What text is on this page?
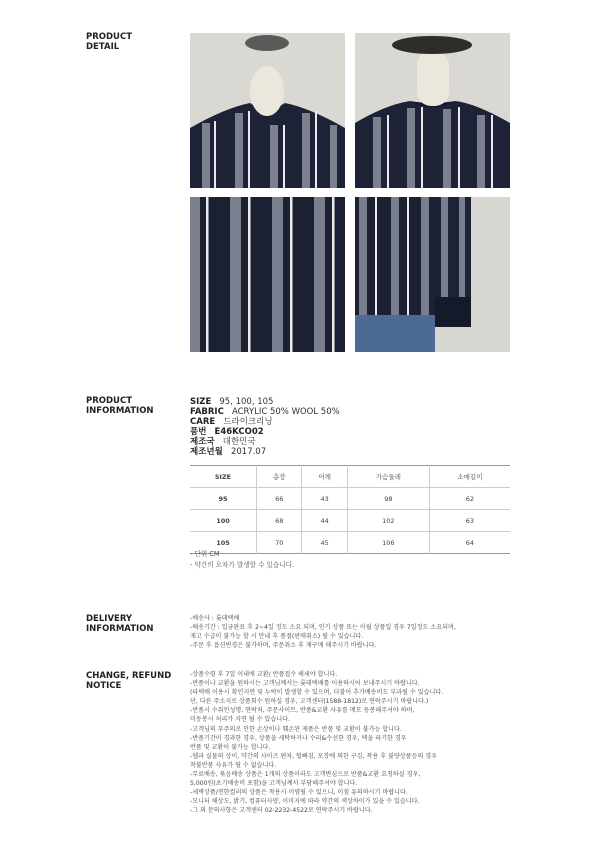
PRODUCT
DETAIL
PRODUCT
INFORMATION
SIZE 95, 100, 105
FABRIC ACRYLIC 50% WOOL 50%
CARE 드라이크리닝
품번 E46KCO02
제조국 대한민국
제조년월 2017.07
SIZE	총장	어깨	가슴둘레	소매길이
95	66	43	98	62
100	68	44	102	63
105	70	45	106	64
- 단위 CM
- 약간의 오차가 발생할 수 있습니다.
DELIVERY
INFORMATION
-배송사 : 롯데택배
-배송기간 : 입금완료 후 2~4일 정도 소요 되며, 인기 상품 또는 이월 상품일 경우 7일정도 소요되며,
재고 수급이 불가능 할 시 안내 후 품절(판매취소) 될 수 있습니다.
-주문 후 옵션변경은 불가하며, 주문취소 후 재구매 해주시기 바랍니다.
CHANGE, REFUND
NOTICE
-상품수령 후 7일 이내에 교환/ 반품접수 해세야 합니다.
-반품이나 교환을 원하시는 고객님께서는 롯데택배를 이용하시어 보내주시기 바랍니다.
(타택배 이용시 확인지연 및 누락이 발생할 수 있으며, 더불어 추가배송비도 부과될 수 있습니다.
단, 다른 주소지로 상품회수 원하실 경우, 고객센터(1588-1812)로 연락주시기 바랍니다.)
-반품시 수취인성명, 연락처, 주문사이트, 반품&교환 사유를 메모 동봉해주셔야 하며,
미동봉시 처리가 지연 될 수 있습니다.
-고객님의 부주의로 인한 손상이나 훼손된 제품은 반품 및 교환이 불가능 합니다.
-반품기간이 경과한 경우, 상품을 세탁하거나 수리&수선한 경우, 택을 파기한 경우
반품 및 교환이 불가능 합니다.
-웹과 실물의 상이, 약간의 사이즈 편차, 털빠짐, 포장에 의한 구김, 착용 후 불량상품등의 경우
착불반품 사유가 될 수 없습니다.
-무료배송, 묶음배송 상품은 1개의 상품이라도 고객변심으로 반품&교환 요청하실 경우,
5,000원(초기배송비 포함)을 고객님께서 부담해주셔야 합니다.
-세벽상품/전한컬러의 상품은 착용시 이염될 수 있으니, 이점 유의하시기 바랍니다.
-모니터 해상도, 밝기, 컴퓨터사양, 이미지에 따라 약간의 색상차이가 있을 수 있습니다.
-그 외 문의사항은 고객센터 02-2232-4522로 연락주시기 바랍니다.
